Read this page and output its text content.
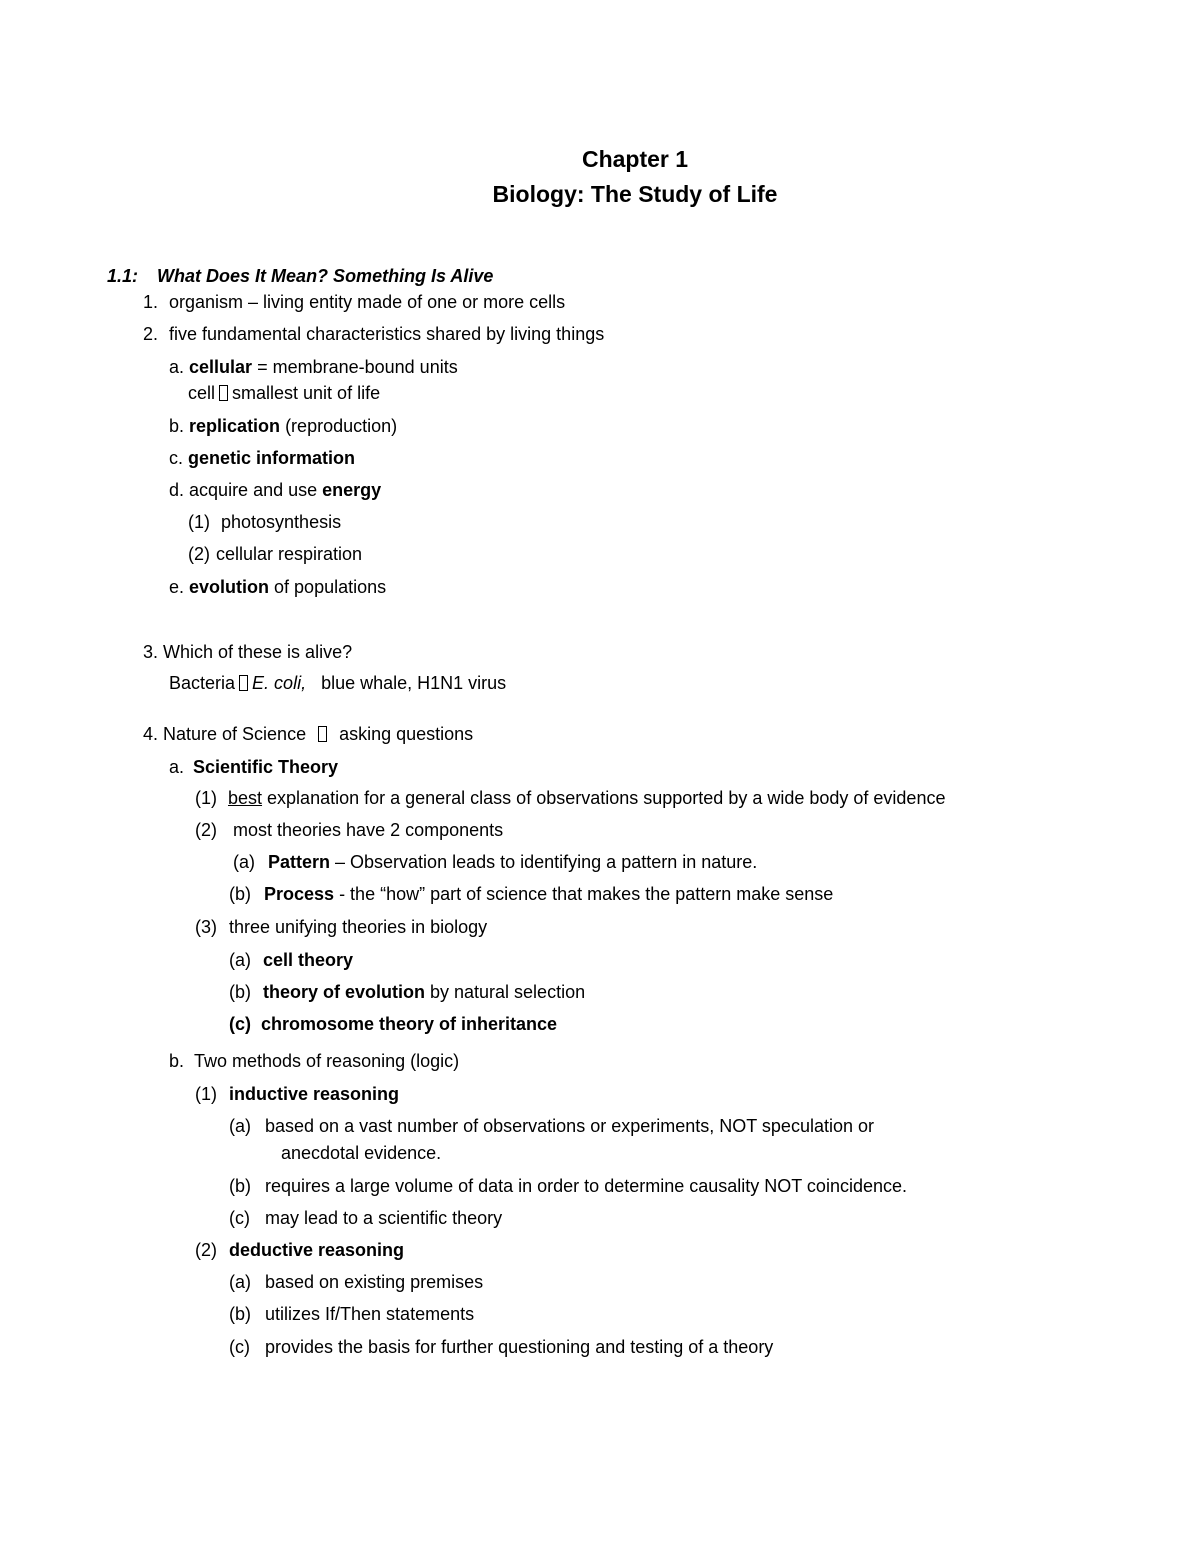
Chapter 1
Biology: The Study of Life
1.1: What Does It Mean? Something Is Alive
1. organism – living entity made of one or more cells
2. five fundamental characteristics shared by living things
a. cellular = membrane-bound units
cell smallest unit of life
b. replication (reproduction)
c. genetic information
d. acquire and use energy
(1) photosynthesis
(2) cellular respiration
e. evolution of populations
3. Which of these is alive?
Bacteria E. coli, blue whale, H1N1 virus
4. Nature of Science asking questions
a. Scientific Theory
(1) best explanation for a general class of observations supported by a wide body of evidence
(2) most theories have 2 components
(a) Pattern – Observation leads to identifying a pattern in nature.
(b) Process - the “how” part of science that makes the pattern make sense
(3) three unifying theories in biology
(a) cell theory
(b) theory of evolution by natural selection
(c) chromosome theory of inheritance
b. Two methods of reasoning (logic)
(1) inductive reasoning
(a) based on a vast number of observations or experiments, NOT speculation or
anecdotal evidence.
(b) requires a large volume of data in order to determine causality NOT coincidence.
(c) may lead to a scientific theory
(2) deductive reasoning
(a) based on existing premises
(b) utilizes If/Then statements
(c) provides the basis for further questioning and testing of a theory
